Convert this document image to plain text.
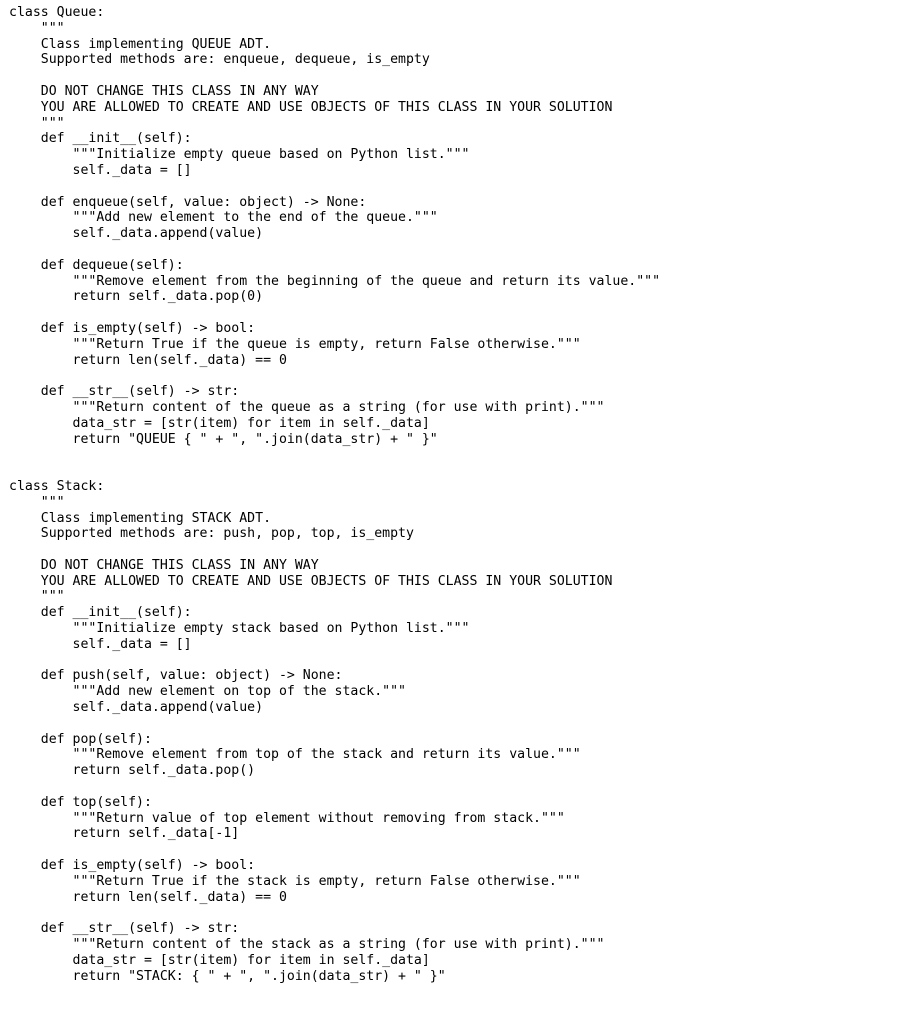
class Queue:
"""
Class implementing QUEUE ADT.
Supported methods are: enqueue, dequeue, is_empty
DO NOT CHANGE THIS CLASS IN ANY WAY
YOU ARE ALLOWED TO CREATE AND USE OBJECTS OF THIS CLASS IN YOUR SOLUTION
"""
def __init__(self):
"""Initialize empty queue based on Python list."""
self._data = []
def enqueue(self, value: object) -> None:
"""Add new element to the end of the queue."""
self._data.append(value)
def dequeue(self):
"""Remove element from the beginning of the queue and return its value."""
return self._data.pop(0)
def is_empty(self) -> bool:
"""Return True if the queue is empty, return False otherwise."""
return len(self._data) == 0
def __str__(self) -> str:
"""Return content of the queue as a string (for use with print)."""
data_str = [str(item) for item in self._data]
return "QUEUE { " + ", ".join(data_str) + " }"
class Stack:
"""
Class implementing STACK ADT.
Supported methods are: push, pop, top, is_empty
DO NOT CHANGE THIS CLASS IN ANY WAY
YOU ARE ALLOWED TO CREATE AND USE OBJECTS OF THIS CLASS IN YOUR SOLUTION
"""
def __init__(self):
"""Initialize empty stack based on Python list."""
self._data = []
def push(self, value: object) -> None:
"""Add new element on top of the stack."""
self._data.append(value)
def pop(self):
"""Remove element from top of the stack and return its value."""
return self._data.pop()
def top(self):
"""Return value of top element without removing from stack."""
return self._data[-1]
def is_empty(self) -> bool:
"""Return True if the stack is empty, return False otherwise."""
return len(self._data) == 0
def __str__(self) -> str:
"""Return content of the stack as a string (for use with print)."""
data_str = [str(item) for item in self._data]
return "STACK: { " + ", ".join(data_str) + " }"
